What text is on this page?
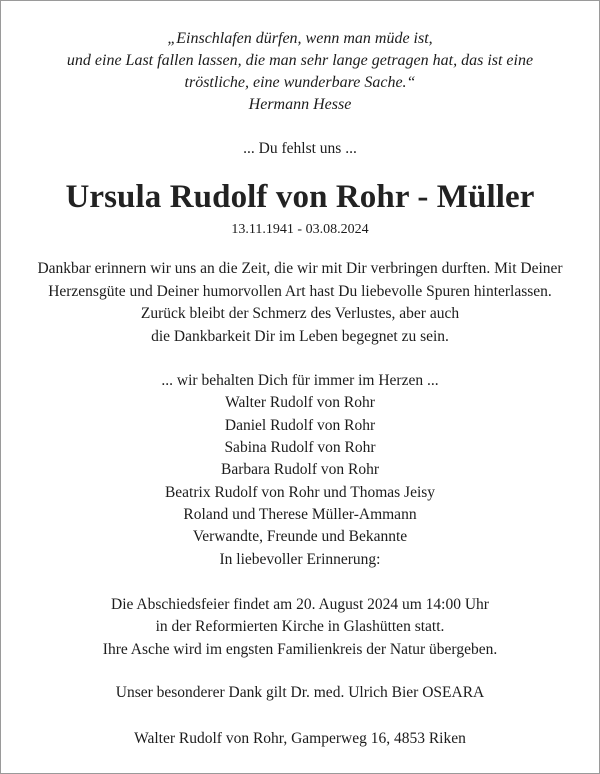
„Einschlafen dürfen, wenn man müde ist,
und eine Last fallen lassen, die man sehr lange getragen hat, das ist eine
tröstliche, eine wunderbare Sache.“
Hermann Hesse
... Du fehlst uns ...
Ursula Rudolf von Rohr - Müller
13.11.1941 - 03.08.2024
Dankbar erinnern wir uns an die Zeit, die wir mit Dir verbringen durften. Mit Deiner
Herzensgüte und Deiner humorvollen Art hast Du liebevolle Spuren hinterlassen.
Zurück bleibt der Schmerz des Verlustes, aber auch
die Dankbarkeit Dir im Leben begegnet zu sein.
... wir behalten Dich für immer im Herzen ...
Walter Rudolf von Rohr
Daniel Rudolf von Rohr
Sabina Rudolf von Rohr
Barbara Rudolf von Rohr
Beatrix Rudolf von Rohr und Thomas Jeisy
Roland und Therese Müller-Ammann
Verwandte, Freunde und Bekannte
In liebevoller Erinnerung:
Die Abschiedsfeier findet am 20. August 2024 um 14:00 Uhr
in der Reformierten Kirche in Glashütten statt.
Ihre Asche wird im engsten Familienkreis der Natur übergeben.
Unser besonderer Dank gilt Dr. med. Ulrich Bier OSEARA
Walter Rudolf von Rohr, Gamperweg 16, 4853 Riken
